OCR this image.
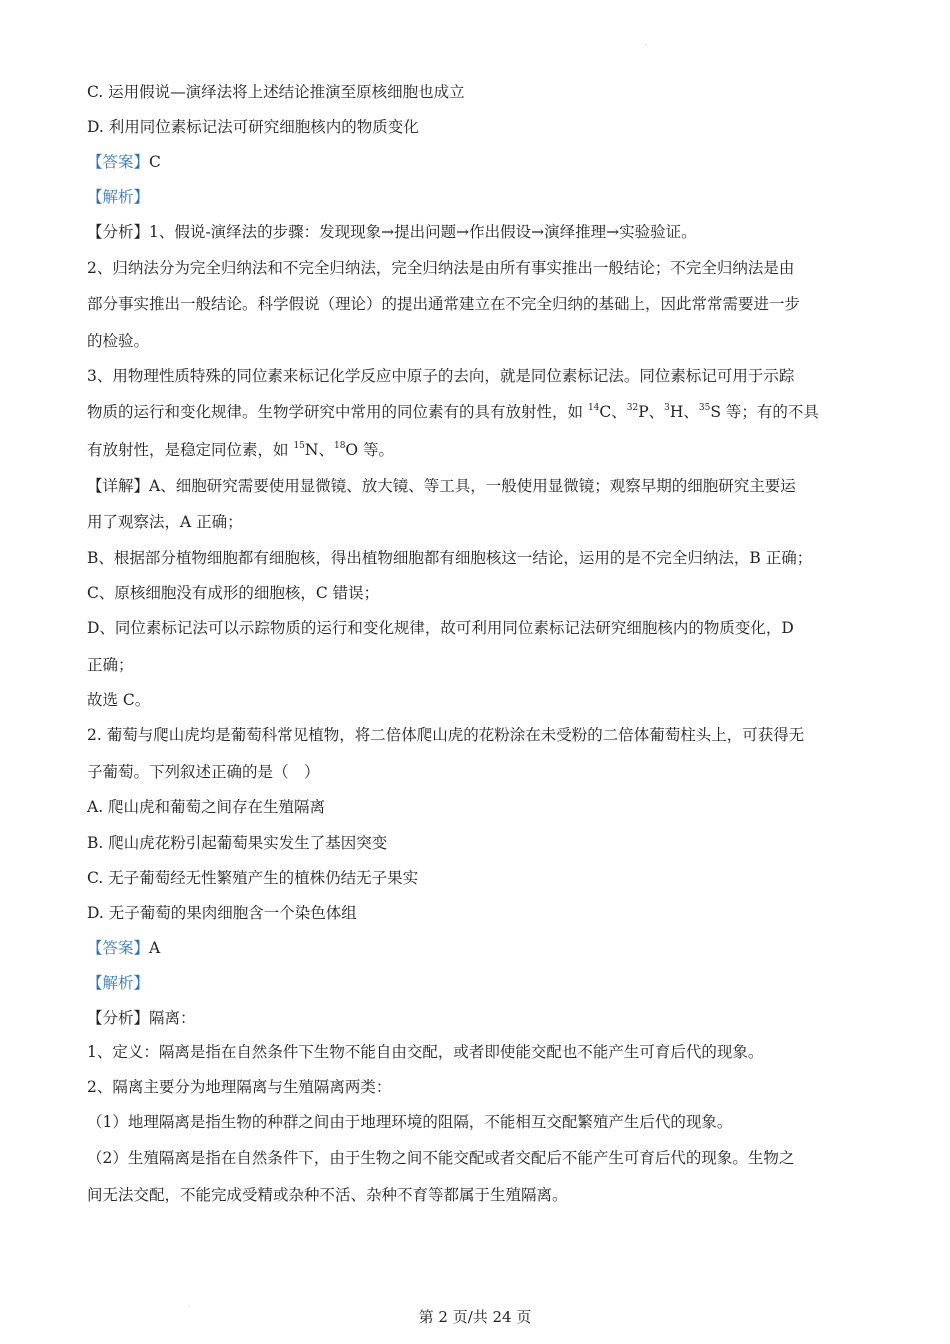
.
C. 运用假说—演绎法将上述结论推演至原核细胞也成立
D. 利用同位素标记法可研究细胞核内的物质变化
【答案】C
【解析】
【分析】1、假说-演绎法的步骤：发现现象→提出问题→作出假设→演绎推理→实验验证。
2、归纳法分为完全归纳法和不完全归纳法，完全归纳法是由所有事实推出一般结论；不完全归纳法是由
部分事实推出一般结论。科学假说（理论）的提出通常建立在不完全归纳的基础上，因此常常需要进一步
的检验。
3、用物理性质特殊的同位素来标记化学反应中原子的去向，就是同位素标记法。同位素标记可用于示踪
物质的运行和变化规律。生物学研究中常用的同位素有的具有放射性，如 $^{14}$C、$^{32}$P、$^3$H、$^{35}$S 等；有的不具
有放射性，是稳定同位素，如 $^{15}$N、$^{18}$O 等。
【详解】A、细胞研究需要使用显微镜、放大镜、等工具，一般使用显微镜；观察早期的细胞研究主要运
用了观察法，A 正确；
B、根据部分植物细胞都有细胞核，得出植物细胞都有细胞核这一结论，运用的是不完全归纳法，B 正确；
C、原核细胞没有成形的细胞核，C 错误；
D、同位素标记法可以示踪物质的运行和变化规律，故可利用同位素标记法研究细胞核内的物质变化，D
正确；
故选 C。
2. 葡萄与爬山虎均是葡萄科常见植物，将二倍体爬山虎的花粉涂在未受粉的二倍体葡萄柱头上，可获得无
子葡萄。下列叙述正确的是（　）
A. 爬山虎和葡萄之间存在生殖隔离
B. 爬山虎花粉引起葡萄果实发生了基因突变
C. 无子葡萄经无性繁殖产生的植株仍结无子果实
D. 无子葡萄的果肉细胞含一个染色体组
【答案】A
【解析】
【分析】隔离：
1、定义：隔离是指在自然条件下生物不能自由交配，或者即使能交配也不能产生可育后代的现象。
2、隔离主要分为地理隔离与生殖隔离两类：
（1）地理隔离是指生物的种群之间由于地理环境的阻隔，不能相互交配繁殖产生后代的现象。
（2）生殖隔离是指在自然条件下，由于生物之间不能交配或者交配后不能产生可育后代的现象。生物之
间无法交配，不能完成受精或杂种不活、杂种不育等都属于生殖隔离。
.
第 2 页/共 24 页
